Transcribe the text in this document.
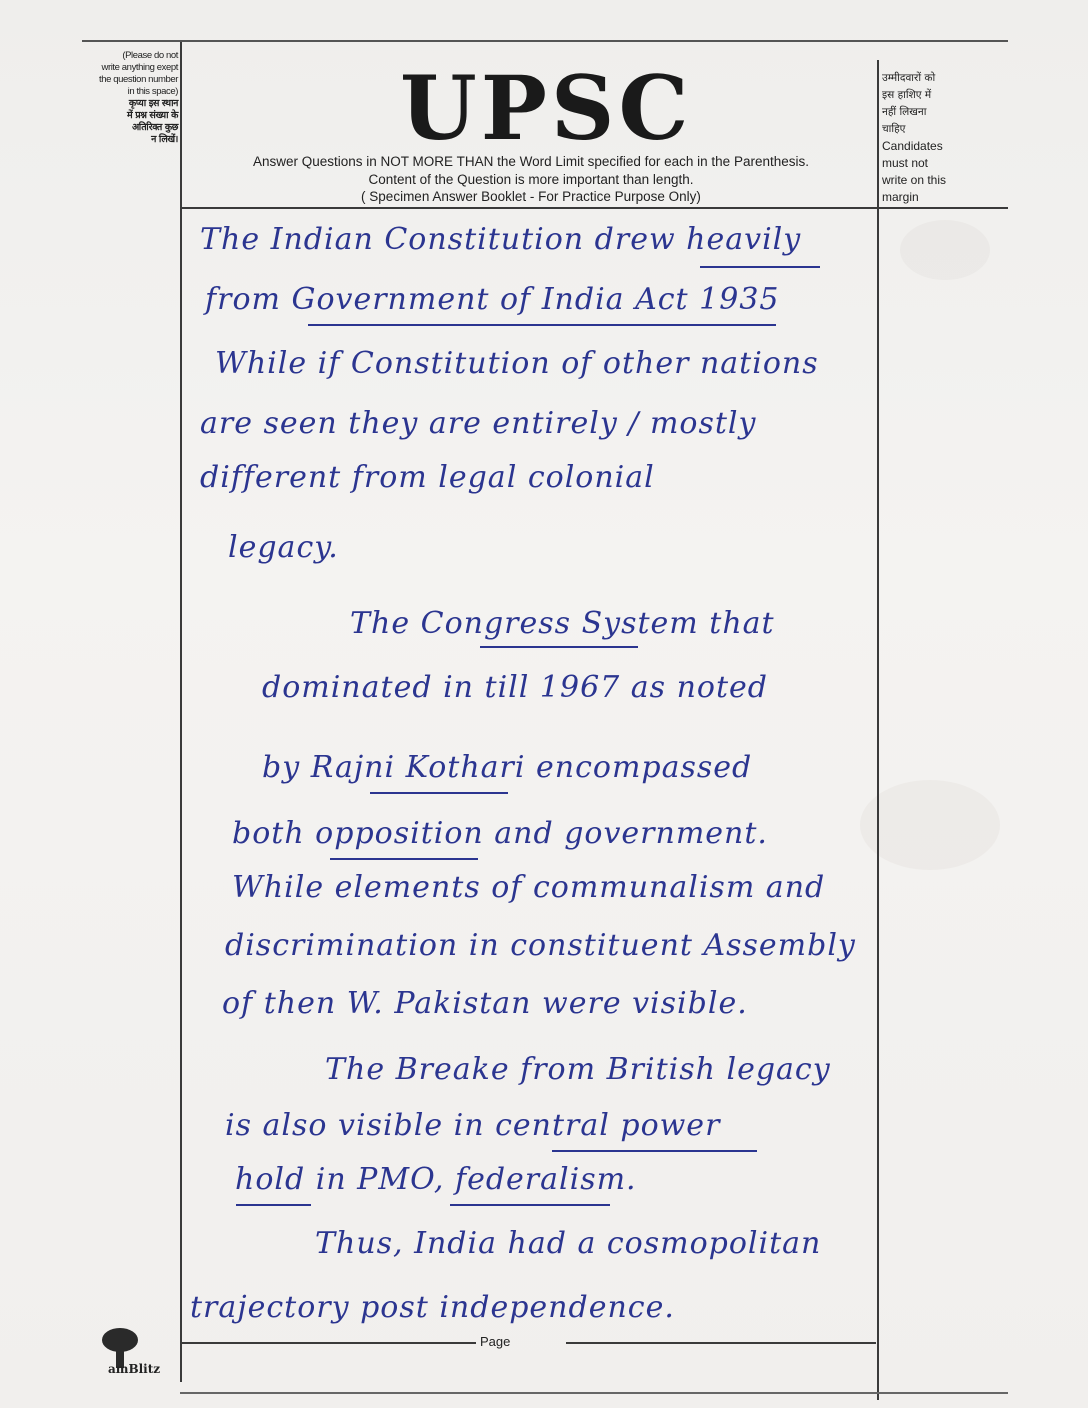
(Please do not
write anything exept
the question number
in this space)
कृप्या इस स्थान
में प्रश्न संख्या के
अतिरिक्त कुछ
न लिखें।	UPSC
Answer Questions in NOT MORE THAN the Word Limit specified for each in the Parenthesis.
Content of the Question is more important than length.
( Specimen Answer Booklet - For Practice Purpose Only)
उम्मीदवारों को
इस हाशिए में
नहीं लिखना
चाहिए
Candidates
must not
write on this
margin
The Indian Constitution drew heavily
from Government of India Act 1935
While if Constitution of other nations
are seen they are entirely / mostly
different from legal colonial
legacy.
The Congress System that
dominated in till 1967 as noted
by Rajni Kothari encompassed
both opposition and government.
While elements of communalism and
discrimination in constituent Assembly
of then W. Pakistan were visible.
The Breake from British legacy
is also visible in central power
hold in PMO, federalism.
Thus, India had a cosmopolitan
trajectory post independence.
Page
amBlitz
